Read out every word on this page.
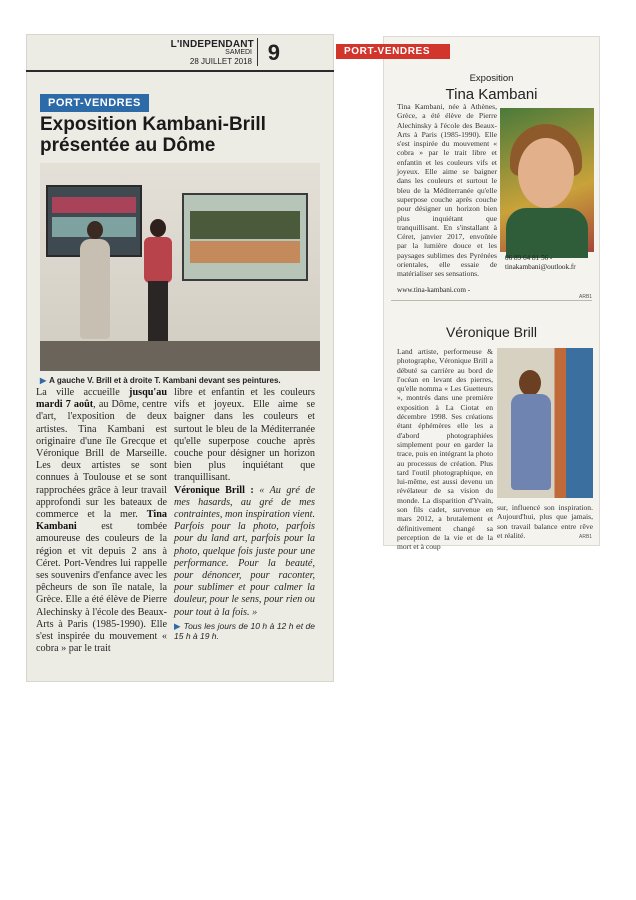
L'INDEPENDANT
SAMEDI
28 JUILLET 2018 9
PORT-VENDRES
Exposition Kambani-Brill
présentée au Dôme
▶ A gauche V. Brill et à droite T. Kambani devant ses peintures.

La ville accueille jusqu'au mardi 7 août, au Dôme, centre d'art, l'exposition de deux artistes. Tina Kambani est originaire d'une île Grecque et Véronique Brill de Marseille. Les deux artistes se sont connues à Toulouse et se sont rapprochées grâce à leur travail approfondi sur les bateaux de commerce et la mer. Tina Kambani est tombée amoureuse des couleurs de la région et vit depuis 2 ans à Céret. Port-Vendres lui rappelle ses souvenirs d'enfance avec les pêcheurs de son île natale, la Grèce. Elle a été élève de Pierre Alechinsky à l'école des Beaux-Arts à Paris (1985-1990). Elle s'est inspirée du mouvement « cobra » par le trait

libre et enfantin et les couleurs vifs et joyeux. Elle aime se baigner dans les couleurs et surtout le bleu de la Méditerranée qu'elle superpose couche après couche pour désigner un horizon bien plus inquiétant que tranquillisant.
Véronique Brill : « Au gré de mes hasards, au gré de mes contraintes, mon inspiration vient. Parfois pour la photo, parfois pour du land art, parfois pour la photo, quelque fois juste pour une performance. Pour la beauté, pour dénoncer, pour raconter, pour sublimer et pour calmer la douleur, pour le sens, pour rien ou pour tout à la fois. »

▶ Tous les jours de 10 h à 12 h et de 15 h à 19 h.
Exposition
Tina Kambani
Tina Kambani, née à Athènes, Grèce, a été élève de Pierre Alechinsky à l'école des Beaux-Arts à Paris (1985-1990). Elle s'est inspirée du mouvement « cobra » par le trait libre et enfantin et les couleurs vifs et joyeux. Elle aime se baigner dans les couleurs et surtout le bleu de la Méditerranée qu'elle superpose couche après couche pour désigner un horizon bien plus inquiétant que tranquillisant. En s'installant à Céret, janvier 2017, envoûtée par la lumière douce et les paysages sublimes des Pyrénées orientales, elle essaie de matérialiser ses sensations.
06 89 64 81 56 - tinakambani@outlook.fr
www.tina-kambani.com -
ARB1
Véronique Brill
Land artiste, performeuse & photographe, Véronique Brill a débuté sa carrière au bord de l'océan en levant des pierres, qu'elle nomma « Les Guetteurs », montrés dans une première exposition à La Ciotat en décembre 1998. Ses créations étant éphémères elle les a d'abord photographiées simplement pour en garder la trace, puis en intégrant la photo au processus de création. Plus tard l'outil photographique, en lui-même, est aussi devenu un révélateur de sa vision du monde. La disparition d'Yvain, son fils cadet, survenue en mars 2012, a brutalement et définitivement changé sa perception de la vie et de la mort et à coup
sur, influencé son inspiration. Aujourd'hui, plus que jamais, son travail balance entre rêve et réalité.	ARB1
PORT-VENDRES
